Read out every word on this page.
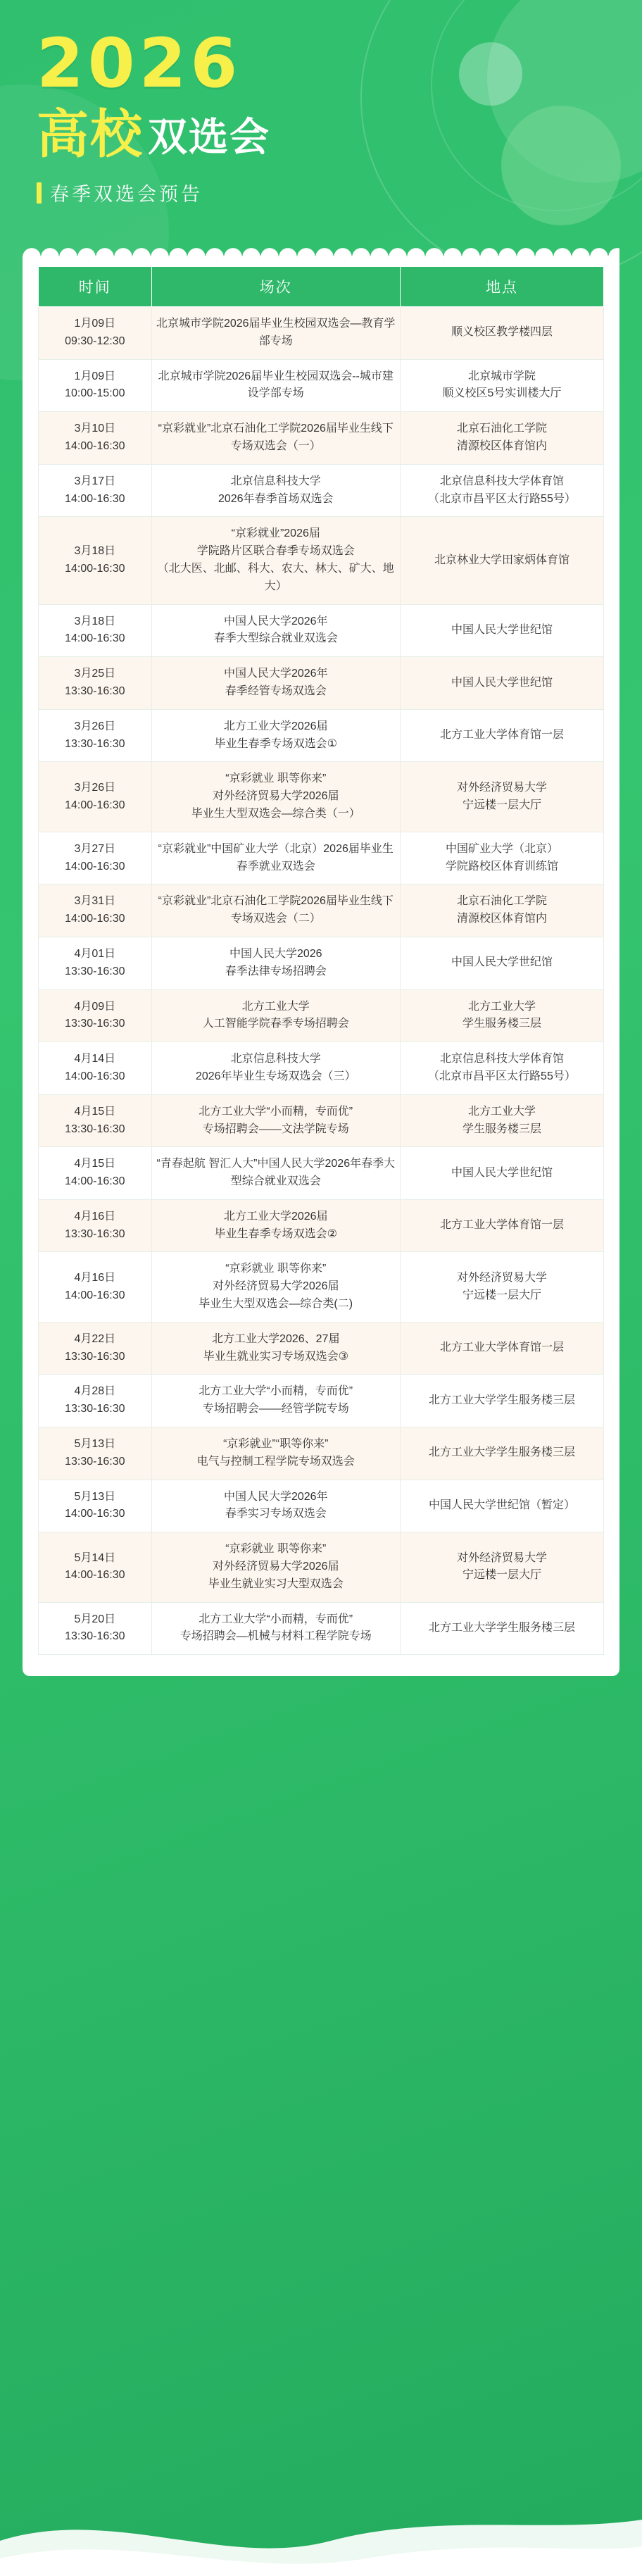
2026
高校 双选会
春季双选会预告
时间	场次	地点

1月09日
09:30-12:30	北京城市学院2026届毕业生校园双选会—教育学部专场	顺义校区教学楼四层

1月09日
10:00-15:00	北京城市学院2026届毕业生校园双选会--城市建设学部专场	北京城市学院
顺义校区5号实训楼大厅

3月10日
14:00-16:30	“京彩就业”北京石油化工学院2026届毕业生线下专场双选会（一）	北京石油化工学院
清源校区体育馆内

3月17日
14:00-16:30	北京信息科技大学
2026年春季首场双选会	北京信息科技大学体育馆
（北京市昌平区太行路55号）

3月18日
14:00-16:30	“京彩就业”2026届
学院路片区联合春季专场双选会
（北大医、北邮、科大、农大、林大、矿大、地大）	北京林业大学田家炳体育馆

3月18日
14:00-16:30	中国人民大学2026年
春季大型综合就业双选会	中国人民大学世纪馆

3月25日
13:30-16:30	中国人民大学2026年
春季经管专场双选会	中国人民大学世纪馆

3月26日
13:30-16:30	北方工业大学2026届
毕业生春季专场双选会①	北方工业大学体育馆一层

3月26日
14:00-16:30	“京彩就业 职等你来”
对外经济贸易大学2026届
毕业生大型双选会—综合类（一）	对外经济贸易大学
宁远楼一层大厅

3月27日
14:00-16:30	“京彩就业”中国矿业大学（北京）2026届毕业生春季就业双选会	中国矿业大学（北京）
学院路校区体育训练馆

3月31日
14:00-16:30	“京彩就业”北京石油化工学院2026届毕业生线下专场双选会（二）	北京石油化工学院
清源校区体育馆内

4月01日
13:30-16:30	中国人民大学2026
春季法律专场招聘会	中国人民大学世纪馆

4月09日
13:30-16:30	北方工业大学
人工智能学院春季专场招聘会	北方工业大学
学生服务楼三层

4月14日
14:00-16:30	北京信息科技大学
2026年毕业生专场双选会（三）	北京信息科技大学体育馆
（北京市昌平区太行路55号）

4月15日
13:30-16:30	北方工业大学“小而精，专而优”
专场招聘会——文法学院专场	北方工业大学
学生服务楼三层

4月15日
14:00-16:30	“青春起航 智汇人大”中国人民大学2026年春季大型综合就业双选会	中国人民大学世纪馆

4月16日
13:30-16:30	北方工业大学2026届
毕业生春季专场双选会②	北方工业大学体育馆一层

4月16日
14:00-16:30	“京彩就业 职等你来”
对外经济贸易大学2026届
毕业生大型双选会—综合类(二)	对外经济贸易大学
宁远楼一层大厅

4月22日
13:30-16:30	北方工业大学2026、27届
毕业生就业实习专场双选会③	北方工业大学体育馆一层

4月28日
13:30-16:30	北方工业大学“小而精，专而优”
专场招聘会——经管学院专场	北方工业大学学生服务楼三层

5月13日
13:30-16:30	“京彩就业”“职等你来”
电气与控制工程学院专场双选会	北方工业大学学生服务楼三层

5月13日
14:00-16:30	中国人民大学2026年
春季实习专场双选会	中国人民大学世纪馆（暂定）

5月14日
14:00-16:30	“京彩就业 职等你来”
对外经济贸易大学2026届
毕业生就业实习大型双选会	对外经济贸易大学
宁远楼一层大厅

5月20日
13:30-16:30	北方工业大学“小而精，专而优”
专场招聘会—机械与材料工程学院专场	北方工业大学学生服务楼三层
